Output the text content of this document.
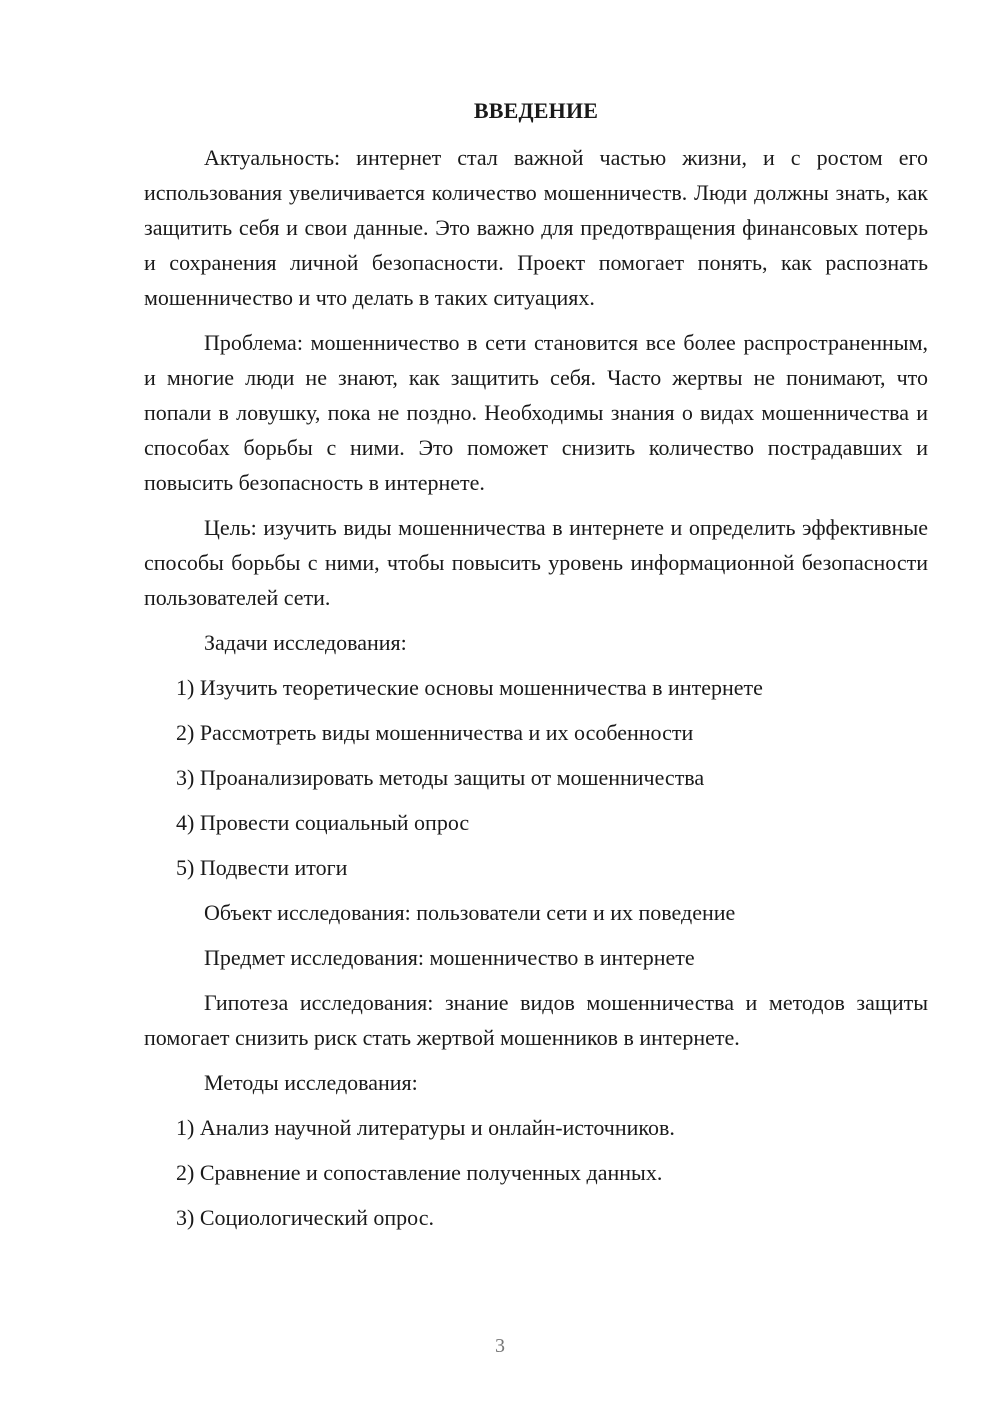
ВВЕДЕНИЕ

Актуальность: интернет стал важной частью жизни, и с ростом его использования увеличивается количество мошенничеств. Люди должны знать, как защитить себя и свои данные. Это важно для предотвращения финансовых потерь и сохранения личной безопасности. Проект помогает понять, как распознать мошенничество и что делать в таких ситуациях.

Проблема: мошенничество в сети становится все более распространенным, и многие люди не знают, как защитить себя. Часто жертвы не понимают, что попали в ловушку, пока не поздно. Необходимы знания о видах мошенничества и способах борьбы с ними. Это поможет снизить количество пострадавших и повысить безопасность в интернете.

Цель: изучить виды мошенничества в интернете и определить эффективные способы борьбы с ними, чтобы повысить уровень информационной безопасности пользователей сети.

Задачи исследования:
1) Изучить теоретические основы мошенничества в интернете
2) Рассмотреть виды мошенничества и их особенности
3) Проанализировать методы защиты от мошенничества
4) Провести социальный опрос
5) Подвести итоги
Объект исследования: пользователи сети и их поведение
Предмет исследования: мошенничество в интернете

Гипотеза исследования: знание видов мошенничества и методов защиты помогает снизить риск стать жертвой мошенников в интернете.

Методы исследования:
1) Анализ научной литературы и онлайн-источников.
2) Сравнение и сопоставление полученных данных.
3) Социологический опрос.
3
